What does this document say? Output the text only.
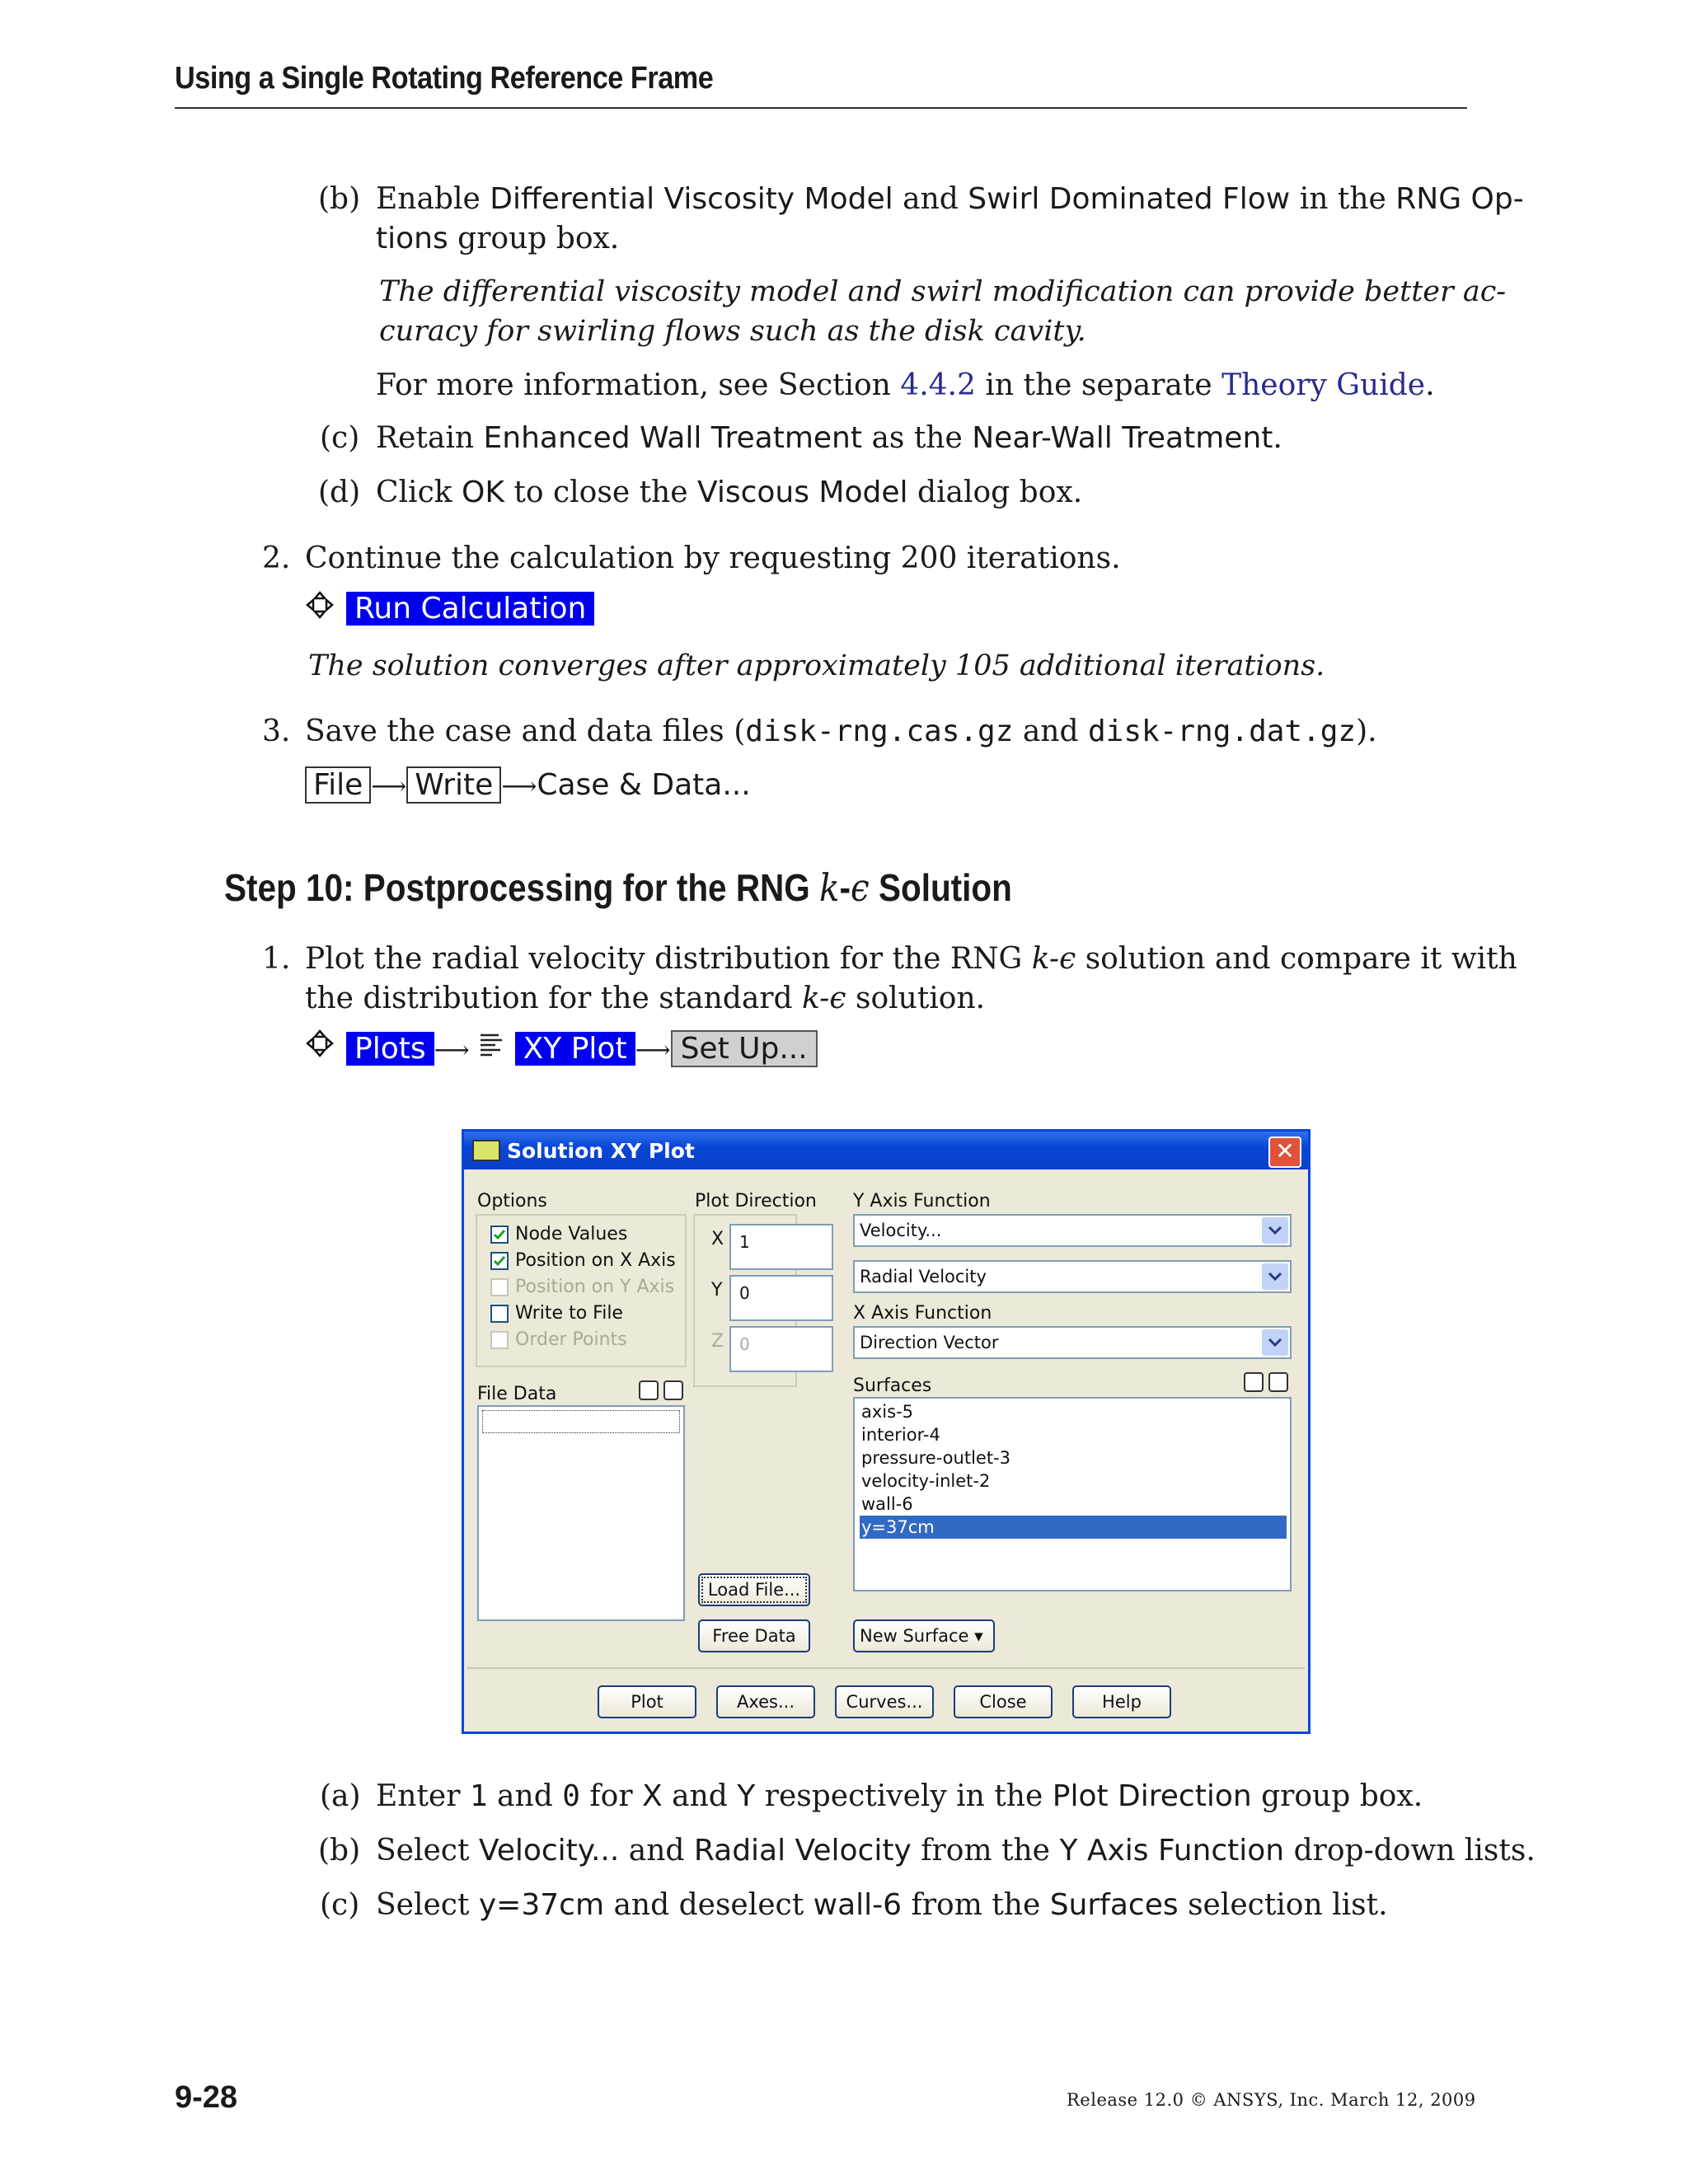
Using a Single Rotating Reference Frame
(b) Enable Differential Viscosity Model and Swirl Dominated Flow in the RNG Op-
tions group box.
The differential viscosity model and swirl modification can provide better ac-
curacy for swirling flows such as the disk cavity.
For more information, see Section 4.4.2 in the separate Theory Guide.
(c) Retain Enhanced Wall Treatment as the Near-Wall Treatment.
(d) Click OK to close the Viscous Model dialog box.
2. Continue the calculation by requesting 200 iterations.
Run Calculation
The solution converges after approximately 105 additional iterations.
3. Save the case and data files (disk-rng.cas.gz and disk-rng.dat.gz).
File ⟶ Write ⟶Case & Data...
Step 10: Postprocessing for the RNG k-ϵ Solution
1. Plot the radial velocity distribution for the RNG k-ϵ solution and compare it with
the distribution for the standard k-ϵ solution.
Plots ⟶  XY Plot ⟶ Set Up...
Solution XY Plot	✕
Options	Plot Direction
X 1
Y	0
Z 0
Y Axis Function
Velocity...
Radial Velocity
X Axis Function
Direction Vector
File Data	Surfaces
axis-5
interior-4
pressure-outlet-3
velocity-inlet-2
wall-6
y=37cm
Load File...
Free Data	New Surface ▾
Plot	Axes...	Curves...	Close	Help
Node Values
Position on X Axis
Position on Y Axis
Write to File
Order Points
(a) Enter 1 and 0 for X and Y respectively in the Plot Direction group box.
(b) Select Velocity... and Radial Velocity from the Y Axis Function drop-down lists.
(c) Select y=37cm and deselect wall-6 from the Surfaces selection list.
9-28	Release 12.0 © ANSYS, Inc. March 12, 2009
